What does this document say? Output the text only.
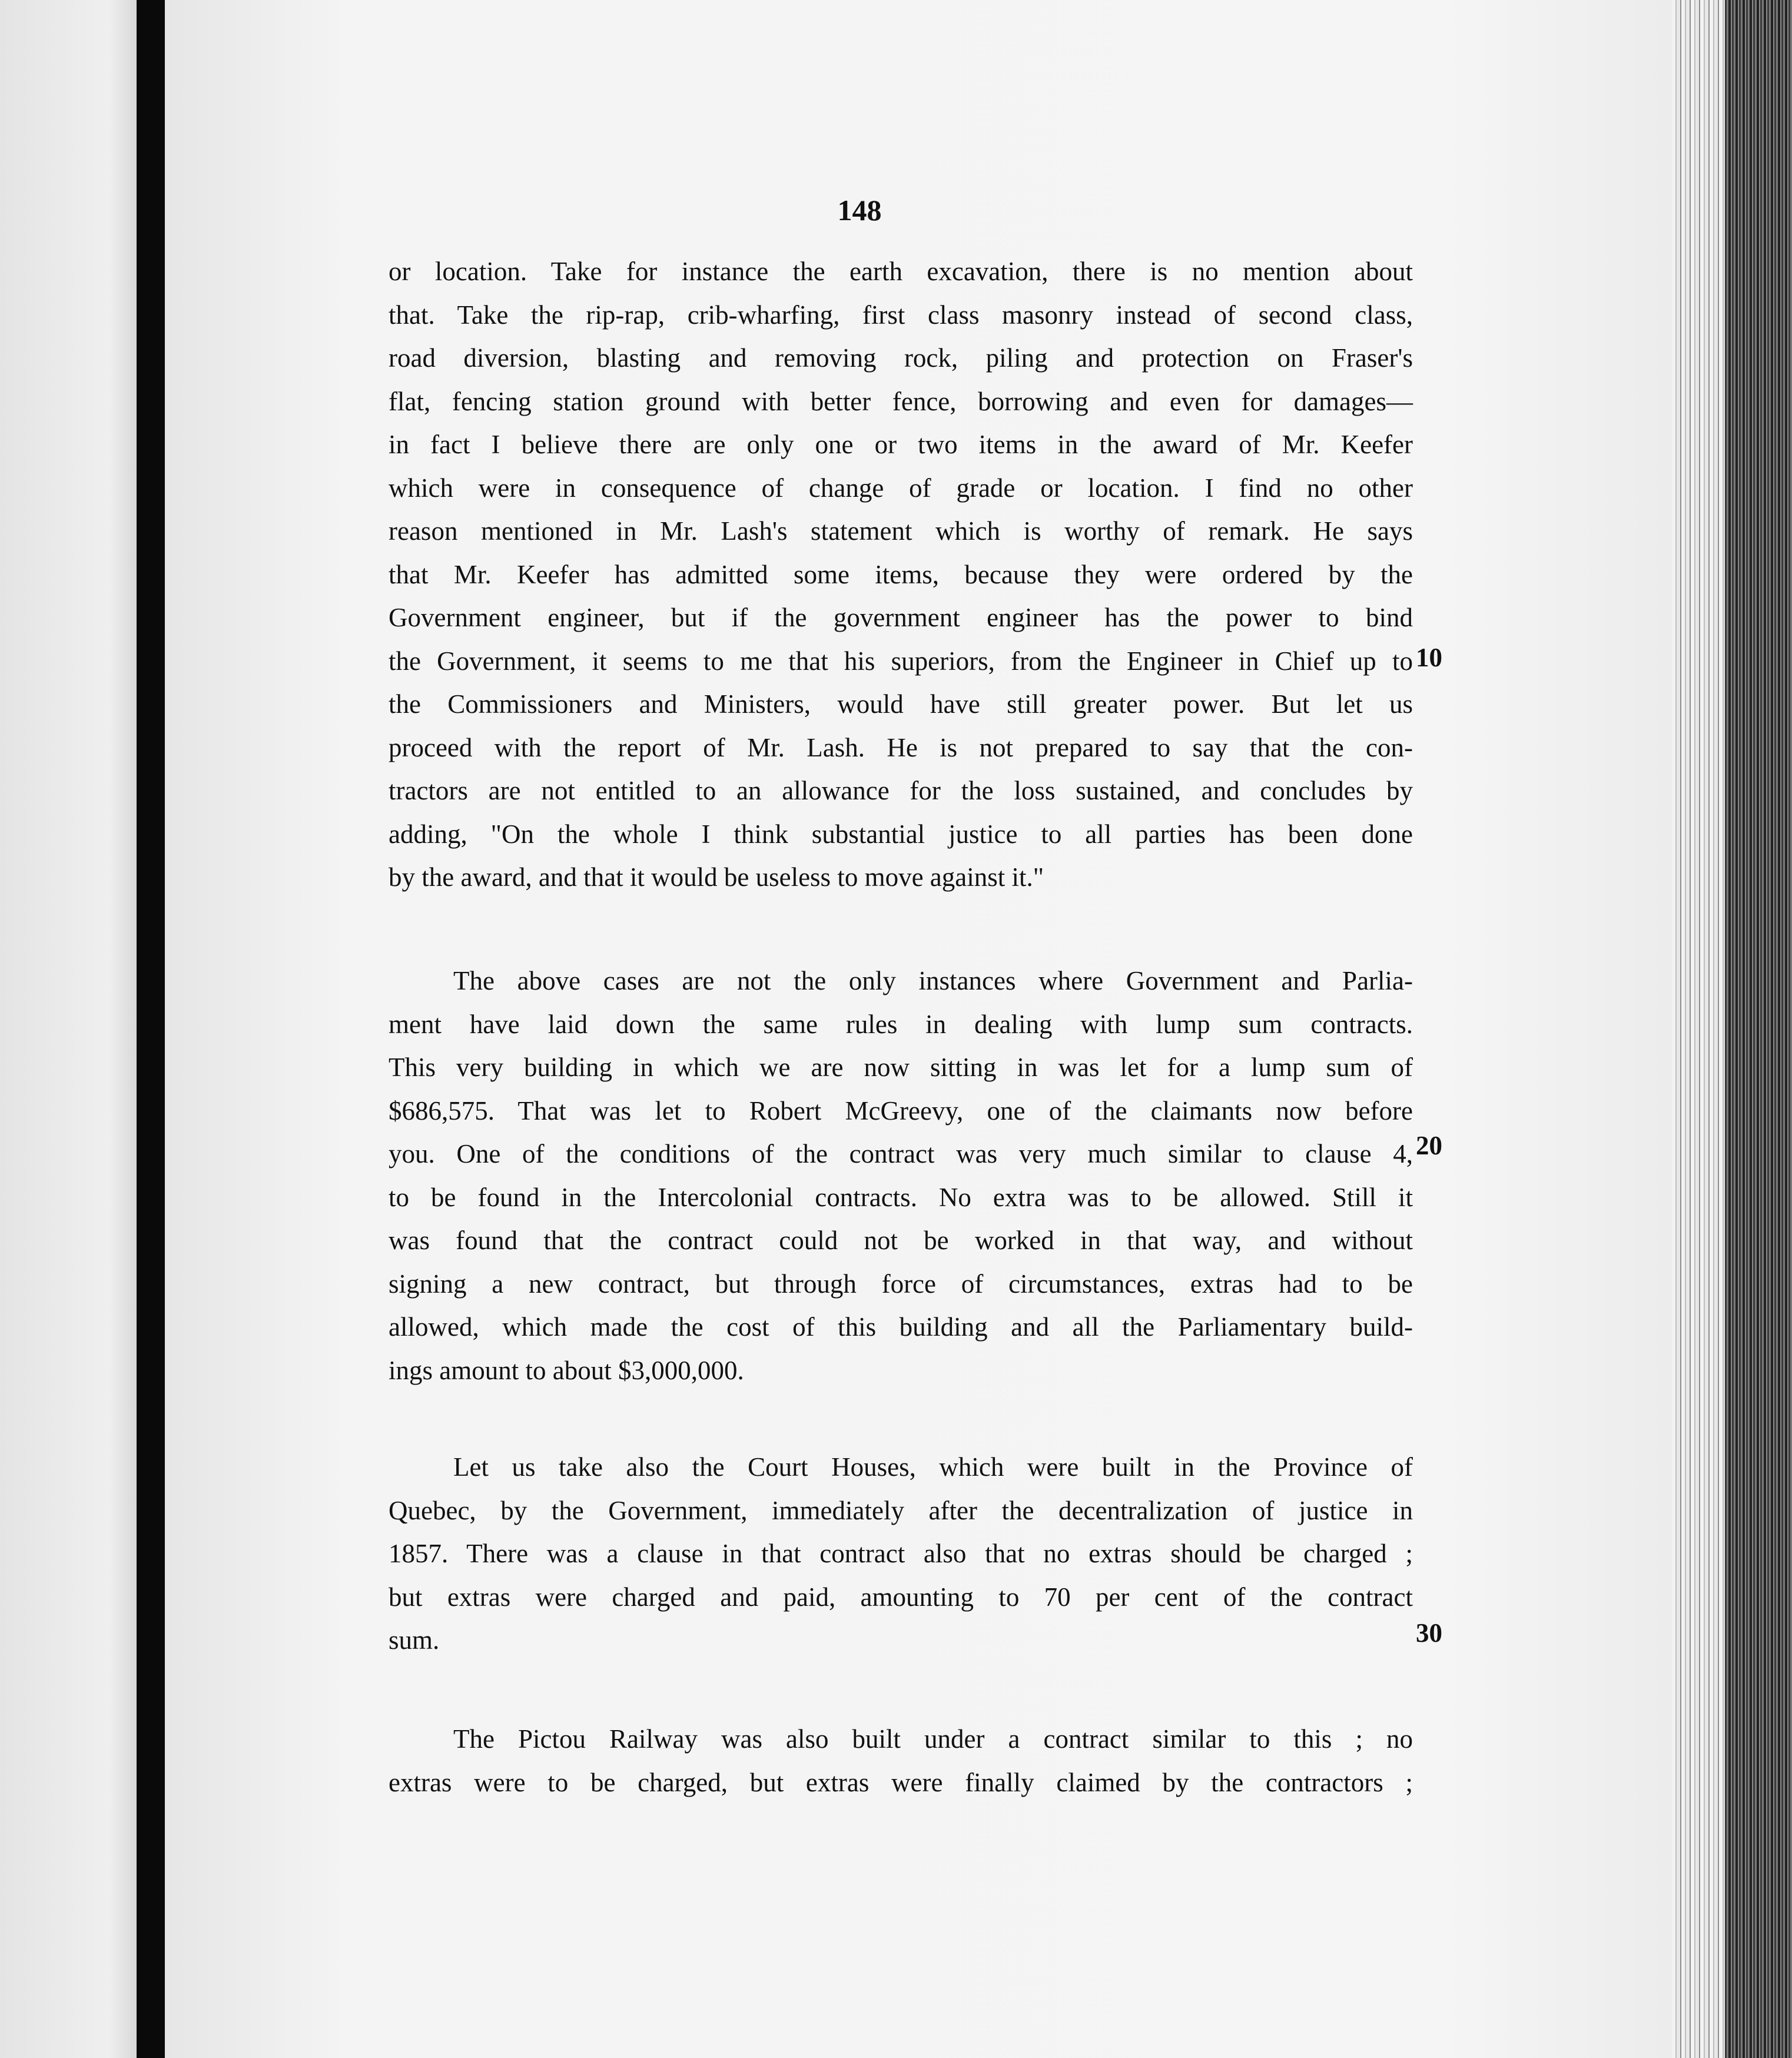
148
or location. Take for instance the earth excavation, there is no mention about
that. Take the rip-rap, crib-wharfing, first class masonry instead of second class,
road diversion, blasting and removing rock, piling and protection on Fraser's
flat, fencing station ground with better fence, borrowing and even for damages—
in fact I believe there are only one or two items in the award of Mr. Keefer
which were in consequence of change of grade or location. I find no other
reason mentioned in Mr. Lash's statement which is worthy of remark. He says
that Mr. Keefer has admitted some items, because they were ordered by the
Government engineer, but if the government engineer has the power to bind
the Government, it seems to me that his superiors, from the Engineer in Chief up to
the Commissioners and Ministers, would have still greater power. But let us
proceed with the report of Mr. Lash. He is not prepared to say that the con-
tractors are not entitled to an allowance for the loss sustained, and concludes by
adding, "On the whole I think substantial justice to all parties has been done
by the award, and that it would be useless to move against it."
The above cases are not the only instances where Government and Parlia-
ment have laid down the same rules in dealing with lump sum contracts.
This very building in which we are now sitting in was let for a lump sum of
$686,575. That was let to Robert McGreevy, one of the claimants now before
you. One of the conditions of the contract was very much similar to clause 4,
to be found in the Intercolonial contracts. No extra was to be allowed. Still it
was found that the contract could not be worked in that way, and without
signing a new contract, but through force of circumstances, extras had to be
allowed, which made the cost of this building and all the Parliamentary build-
ings amount to about $3,000,000.
Let us take also the Court Houses, which were built in the Province of
Quebec, by the Government, immediately after the decentralization of justice in
1857. There was a clause in that contract also that no extras should be charged ;
but extras were charged and paid, amounting to 70 per cent of the contract
sum.
The Pictou Railway was also built under a contract similar to this ; no
extras were to be charged, but extras were finally claimed by the contractors ;
10
20
30
